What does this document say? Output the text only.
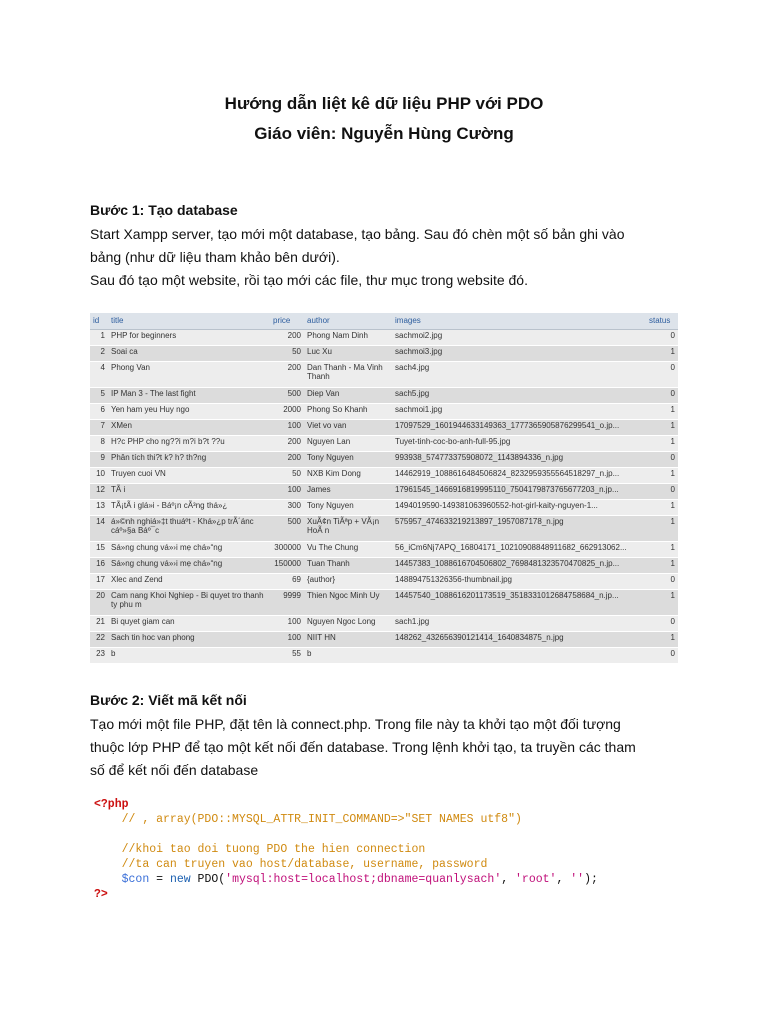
Hướng dẫn liệt kê dữ liệu PHP với PDO
Giáo viên: Nguyễn Hùng Cường
Bước 1: Tạo database

Start Xampp server, tạo mới một database, tạo bảng. Sau đó chèn một số bản ghi vào

bảng (như dữ liệu tham khảo bên dưới).

Sau đó tạo một website, rồi tạo mới các file, thư mục trong website đó.

id	title	price	author	images	status
1	PHP for beginners	200	Phong Nam Dinh	sachmoi2.jpg	0
2	Soai ca	50	Luc Xu	sachmoi3.jpg	1
4	Phong Van	200	Dan Thanh - Ma Vinh Thanh	sach4.jpg	0
5	IP Man 3 - The last fight	500	Diep Van	sach5.jpg	0
6	Yen ham yeu Huy ngo	2000	Phong So Khanh	sachmoi1.jpg	1
7	XMen	100	Viet vo van	17097529_1601944633149363_1777365905876299541_o.jp...	1
8	H?c PHP cho ng??i m?i b?t ??u	200	Nguyen Lan	Tuyet-tinh-coc-bo-anh-full-95.jpg	1
9	Phân tích thi?t k? h? th?ng	200	Tony Nguyen	993938_574773375908072_1143894336_n.jpg	0
10	Truyen cuoi VN	50	NXB Kim Dong	14462919_1088616484506824_8232959355564518297_n.jp...	1
12	TÃ i	100	James	17961545_1466916819995110_7504179873765677203_n.jp...	0
13	TÃ¡tÃ i glá»i - Báº¡n cÃ³ng thá»¿	300	Tony Nguyen	1494019590-149381063960552-hot-girl-kaity-nguyen-1...	1
14	á»©nh nghiá»‡t thuáºt - Khá»¿p trÃ´ánc cáº»§a Báº¯c	500	XuÃ¢n TiÃªp + VÃ¡n HoÃ n	575957_474633219213897_1957087178_n.jpg	1
15	Sá»ng chung vá»›i mẹ chá»“ng	300000	Vu The Chung	56_iCm6Nj7APQ_16804171_10210908848911682_662913062...	1
16	Sá»ng chung vá»›i mẹ chá»“ng	150000	Tuan Thanh	14457383_1088616704506802_7698481323570470825_n.jp...	1
17	Xlec and Zend	69	{author}	148894751326356-thumbnail.jpg	0
20	Cam nang Khoi Nghiep - Bi quyet tro thanh ty phu m	9999	Thien Ngoc Minh Uy	14457540_1088616201173519_3518331012684758684_n.jp...	1
21	Bi quyet giam can	100	Nguyen Ngoc Long	sach1.jpg	0
22	Sach tin hoc van phong	100	NIIT HN	148262_432656390121414_1640834875_n.jpg	1
23	b	55	b		0
Bước 2: Viết mã kết nối

Tạo mới một file PHP, đặt tên là connect.php. Trong file này ta khởi tạo một đối tượng

thuộc lớp PHP để tạo một kết nối đến database. Trong lệnh khởi tạo, ta truyền các tham

số để kết nối đến database

<?php
// , array(PDO::MYSQL_ATTR_INIT_COMMAND=>"SET NAMES utf8")

//khoi tao doi tuong PDO the hien connection
//ta can truyen vao host/database, username, password
$con = new PDO('mysql:host=localhost;dbname=quanlysach', 'root', '');
?>
